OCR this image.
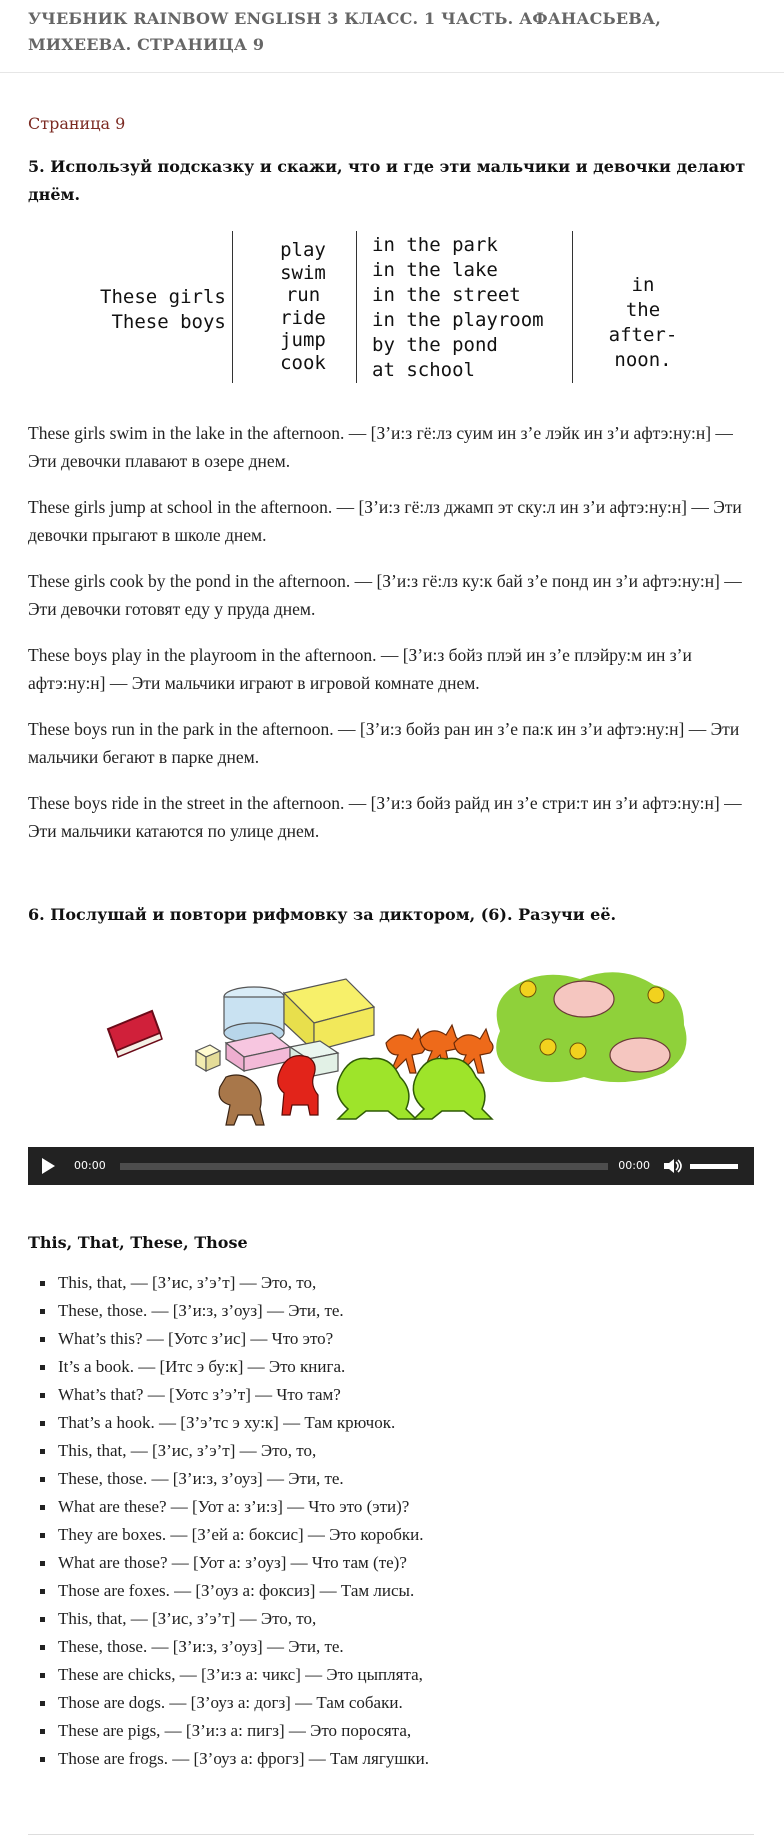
УЧЕБНИК RAINBOW ENGLISH 3 КЛАСС. 1 ЧАСТЬ. АФАНАСЬЕВА, МИХЕЕВА. СТРАНИЦА 9
Страница 9
5. Используй подсказку и скажи, что и где эти мальчики и девочки делают днём.
These girls
These boys
play
swim
run
ride
jump
cook
in the park
in the lake
in the street
in the playroom
by the pond
at school
in
the after-
noon.

These girls swim in the lake in the afternoon. — [З’и:з гё:лз суим ин з’е лэйк ин з’и афтэ:ну:н] — Эти девочки плавают в озере днем.

These girls jump at school in the afternoon. — [З’и:з гё:лз джамп эт ску:л ин з’и афтэ:ну:н] — Эти девочки прыгают в школе днем.

These girls cook by the pond in the afternoon. — [З’и:з гё:лз ку:к бай з’е понд ин з’и афтэ:ну:н] — Эти девочки готовят еду у пруда днем.

These boys play in the playroom in the afternoon. — [З’и:з бойз плэй ин з’е плэйру:м ин з’и афтэ:ну:н] — Эти мальчики играют в игровой комнате днем.

These boys run in the park in the afternoon. — [З’и:з бойз ран ин з’е па:к ин з’и афтэ:ну:н] — Эти мальчики бегают в парке днем.

These boys ride in the street in the afternoon. — [З’и:з бойз райд ин з’е стри:т ин з’и афтэ:ну:н] — Эти мальчики катаются по улице днем.

6. Послушай и повтори рифмовку за диктором, (6). Разучи её.
00:00	00:00
This, That, These, Those
This, that, — [З’ис, з’э’т] — Это, то,
These, those. — [З’и:з, з’оуз] — Эти, те.
What’s this? — [Уотс з’ис] — Что это?
It’s a book. — [Итс э бу:к] — Это книга.
What’s that? — [Уотс з’э’т] — Что там?
That’s a hook. — [З’э’тс э ху:к] — Там крючок.
This, that, — [З’ис, з’э’т] — Это, то,
These, those. — [З’и:з, з’оуз] — Эти, те.
What are these? — [Уот а: з’и:з] — Что это (эти)?
They are boxes. — [З’ей а: боксис] — Это коробки.
What are those? — [Уот а: з’оуз] — Что там (те)?
Those are foxes. — [З’оуз а: фоксиз] — Там лисы.
This, that, — [З’ис, з’э’т] — Это, то,
These, those. — [З’и:з, з’оуз] — Эти, те.
These are chicks, — [З’и:з а: чикс] — Это цыплята,
Those are dogs. — [З’оуз а: догз] — Там собаки.
These are pigs, — [З’и:з а: пигз] — Это поросята,
Those are frogs. — [З’оуз а: фрогз] — Там лягушки.
